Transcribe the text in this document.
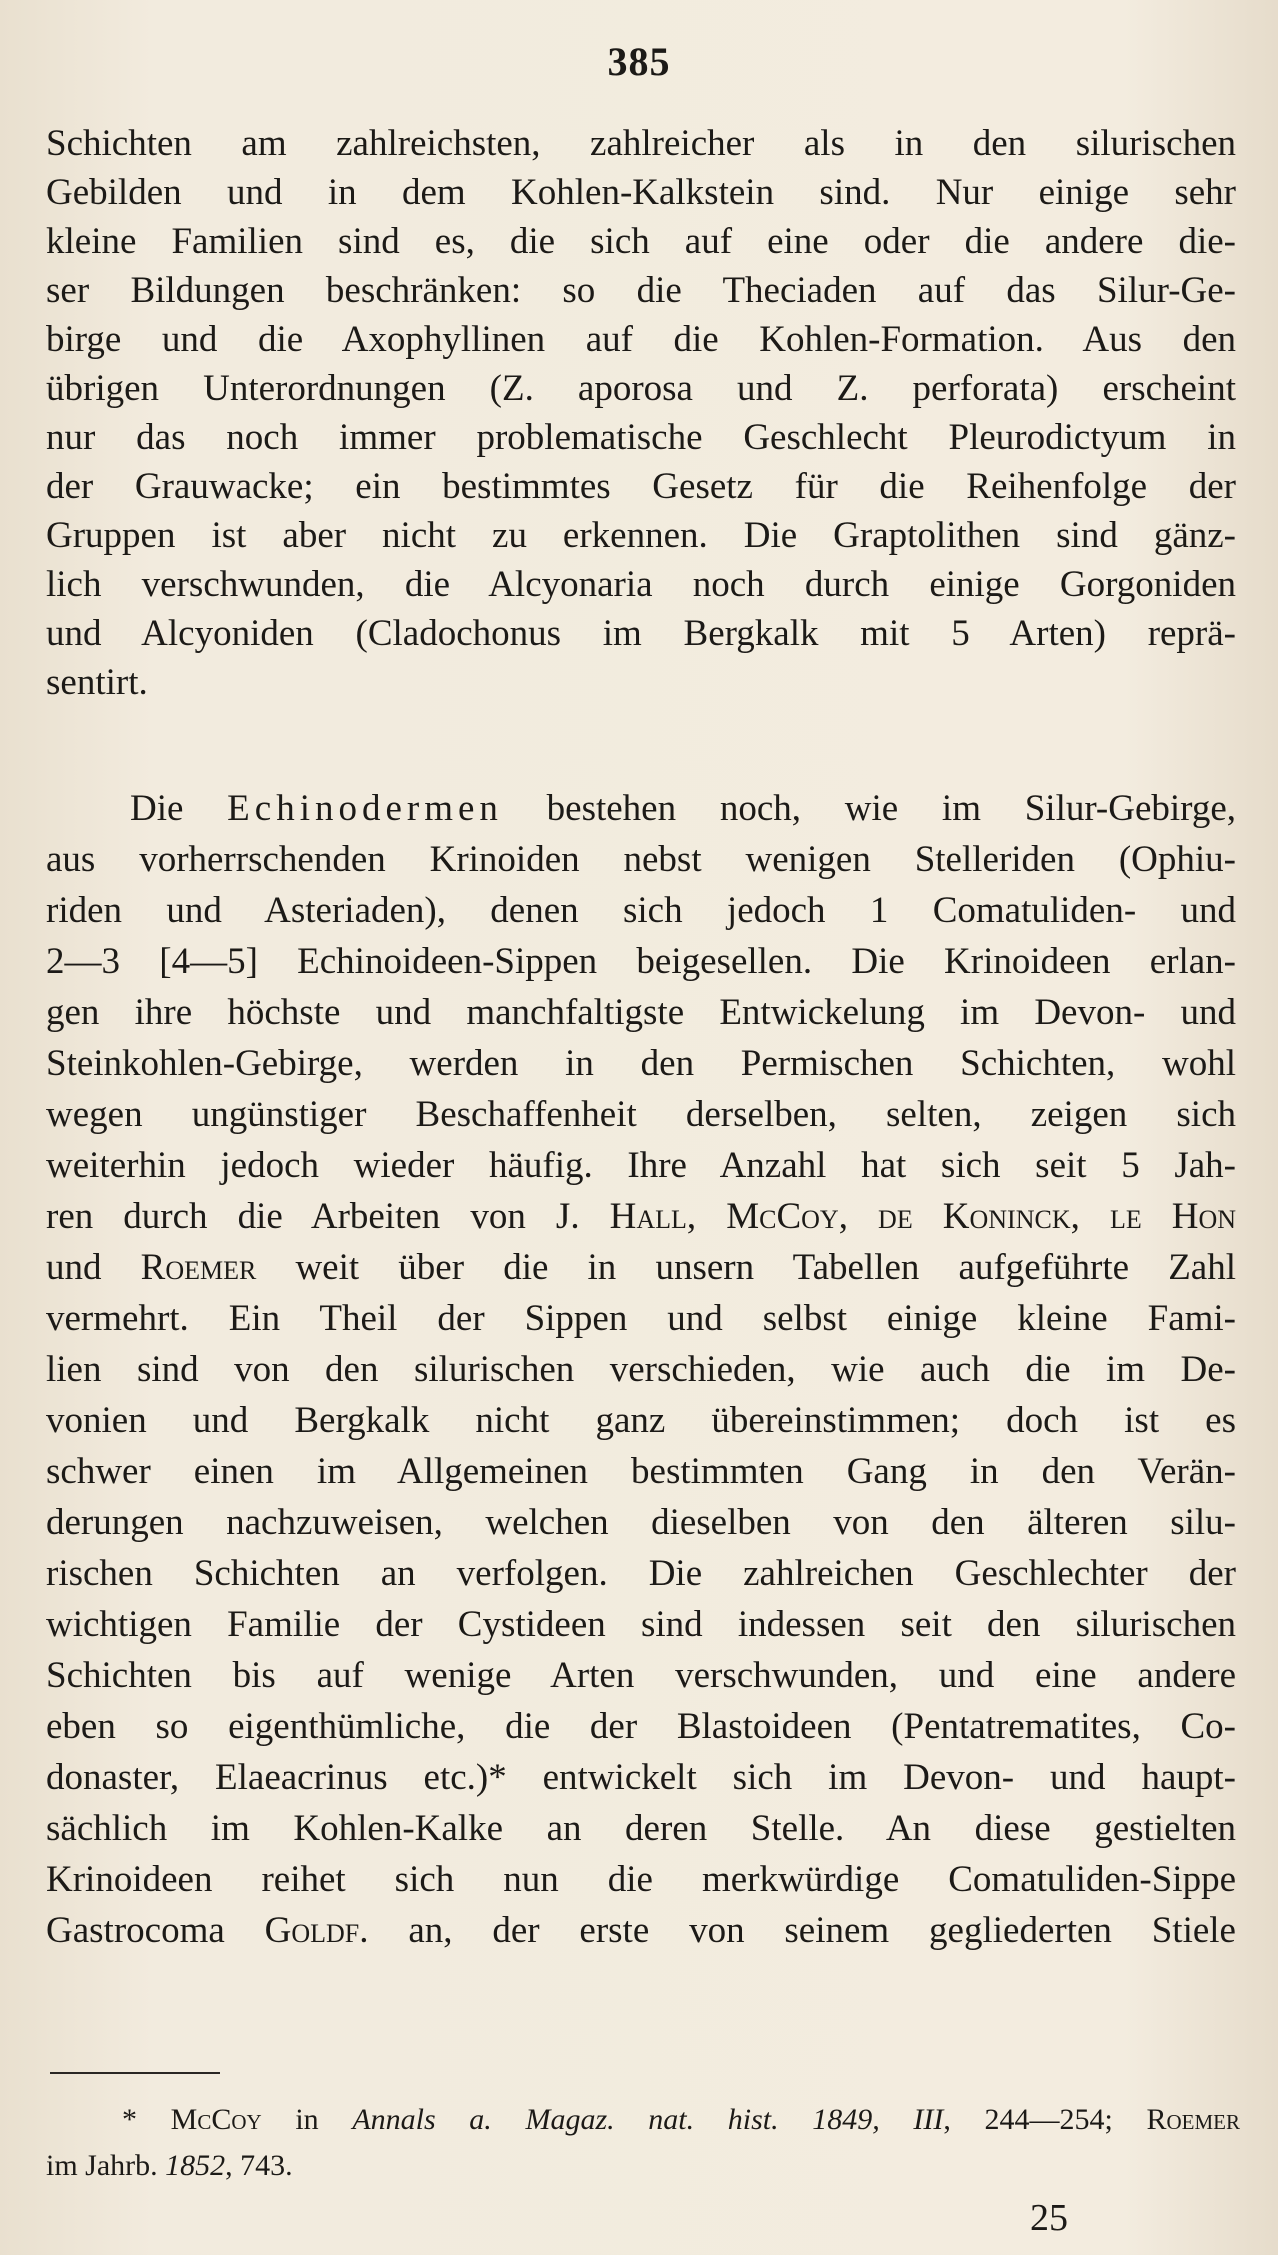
385
Schichten am zahlreichsten, zahlreicher als in den silurischen
Gebilden und in dem Kohlen-Kalkstein sind. Nur einige sehr
kleine Familien sind es, die sich auf eine oder die andere die-
ser Bildungen beschränken: so die Theciaden auf das Silur-Ge-
birge und die Axophyllinen auf die Kohlen-Formation. Aus den
übrigen Unterordnungen (Z. aporosa und Z. perforata) erscheint
nur das noch immer problematische Geschlecht Pleurodictyum in
der Grauwacke; ein bestimmtes Gesetz für die Reihenfolge der
Gruppen ist aber nicht zu erkennen. Die Graptolithen sind gänz-
lich verschwunden, die Alcyonaria noch durch einige Gorgoniden
und Alcyoniden (Cladochonus im Bergkalk mit 5 Arten) reprä-
sentirt.
Die Echinodermen bestehen noch, wie im Silur-Gebirge,
aus vorherrschenden Krinoiden nebst wenigen Stelleriden (Ophiu-
riden und Asteriaden), denen sich jedoch 1 Comatuliden- und
2—3 [4—5] Echinoideen-Sippen beigesellen. Die Krinoideen erlan-
gen ihre höchste und manchfaltigste Entwickelung im Devon- und
Steinkohlen-Gebirge, werden in den Permischen Schichten, wohl
wegen ungünstiger Beschaffenheit derselben, selten, zeigen sich
weiterhin jedoch wieder häufig. Ihre Anzahl hat sich seit 5 Jah-
ren durch die Arbeiten von J. Hall, McCoy, de Koninck, le Hon
und Roemer weit über die in unsern Tabellen aufgeführte Zahl
vermehrt. Ein Theil der Sippen und selbst einige kleine Fami-
lien sind von den silurischen verschieden, wie auch die im De-
vonien und Bergkalk nicht ganz übereinstimmen; doch ist es
schwer einen im Allgemeinen bestimmten Gang in den Verän-
derungen nachzuweisen, welchen dieselben von den älteren silu-
rischen Schichten an verfolgen. Die zahlreichen Geschlechter der
wichtigen Familie der Cystideen sind indessen seit den silurischen
Schichten bis auf wenige Arten verschwunden, und eine andere
eben so eigenthümliche, die der Blastoideen (Pentatrematites, Co-
donaster, Elaeacrinus etc.)* entwickelt sich im Devon- und haupt-
sächlich im Kohlen-Kalke an deren Stelle. An diese gestielten
Krinoideen reihet sich nun die merkwürdige Comatuliden-Sippe
Gastrocoma Goldf. an, der erste von seinem gegliederten Stiele
* McCoy in Annals a. Magaz. nat. hist. 1849, III, 244—254; Roemer
im Jahrb. 1852, 743.
25
